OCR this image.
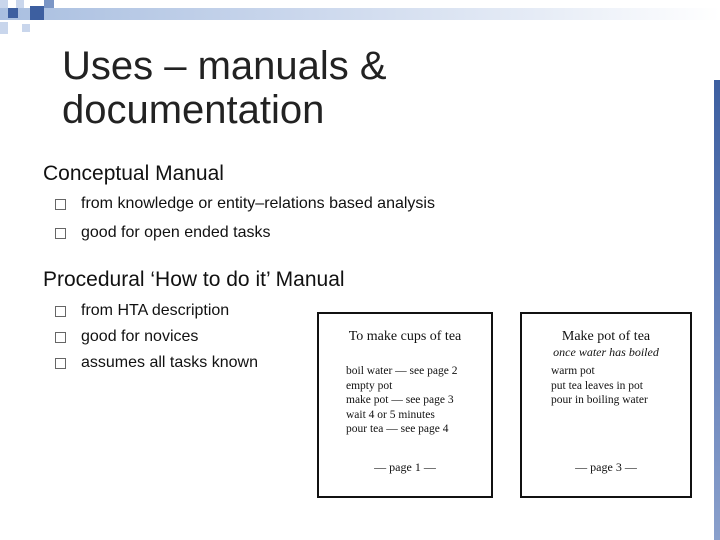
Uses – manuals &
documentation
Conceptual Manual
from knowledge or entity–relations based analysis
good for open ended tasks
Procedural ‘How to do it’ Manual
from HTA description
good for novices
assumes all tasks known
To make cups of tea
boil water — see page 2
empty pot
make pot — see page 3
wait 4 or 5 minutes
pour tea — see page 4
— page 1 —
Make pot of tea
once water has boiled
warm pot
put tea leaves in pot
pour in boiling water
— page 3 —
